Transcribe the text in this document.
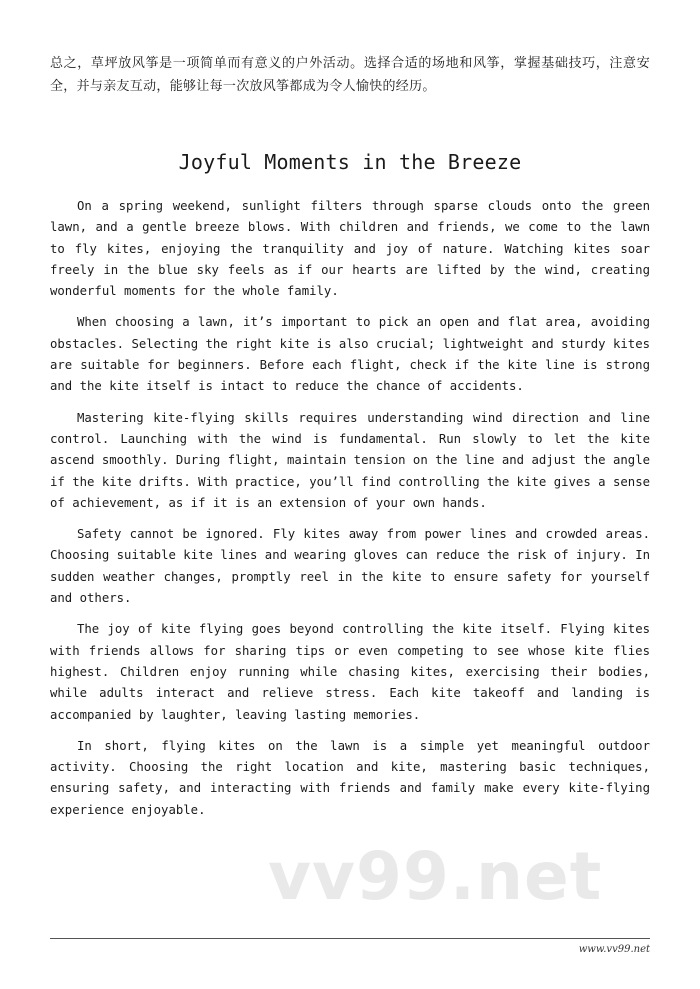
总之，草坪放风筝是一项简单而有意义的户外活动。选择合适的场地和风筝，掌握基础技巧，注意安全，并与亲友互动，能够让每一次放风筝都成为令人愉快的经历。

Joyful Moments in the Breeze

On a spring weekend, sunlight filters through sparse clouds onto the green lawn, and a gentle breeze blows. With children and friends, we come to the lawn to fly kites, enjoying the tranquility and joy of nature. Watching kites soar freely in the blue sky feels as if our hearts are lifted by the wind, creating wonderful moments for the whole family.

When choosing a lawn, it’s important to pick an open and flat area, avoiding obstacles. Selecting the right kite is also crucial; lightweight and sturdy kites are suitable for beginners. Before each flight, check if the kite line is strong and the kite itself is intact to reduce the chance of accidents.

Mastering kite-flying skills requires understanding wind direction and line control. Launching with the wind is fundamental. Run slowly to let the kite ascend smoothly. During flight, maintain tension on the line and adjust the angle if the kite drifts. With practice, you’ll find controlling the kite gives a sense of achievement, as if it is an extension of your own hands.

Safety cannot be ignored. Fly kites away from power lines and crowded areas. Choosing suitable kite lines and wearing gloves can reduce the risk of injury. In sudden weather changes, promptly reel in the kite to ensure safety for yourself and others.

The joy of kite flying goes beyond controlling the kite itself. Flying kites with friends allows for sharing tips or even competing to see whose kite flies highest. Children enjoy running while chasing kites, exercising their bodies, while adults interact and relieve stress. Each kite takeoff and landing is accompanied by laughter, leaving lasting memories.

In short, flying kites on the lawn is a simple yet meaningful outdoor activity. Choosing the right location and kite, mastering basic techniques, ensuring safety, and interacting with friends and family make every kite-flying experience enjoyable.

vv99.net

www.vv99.net
